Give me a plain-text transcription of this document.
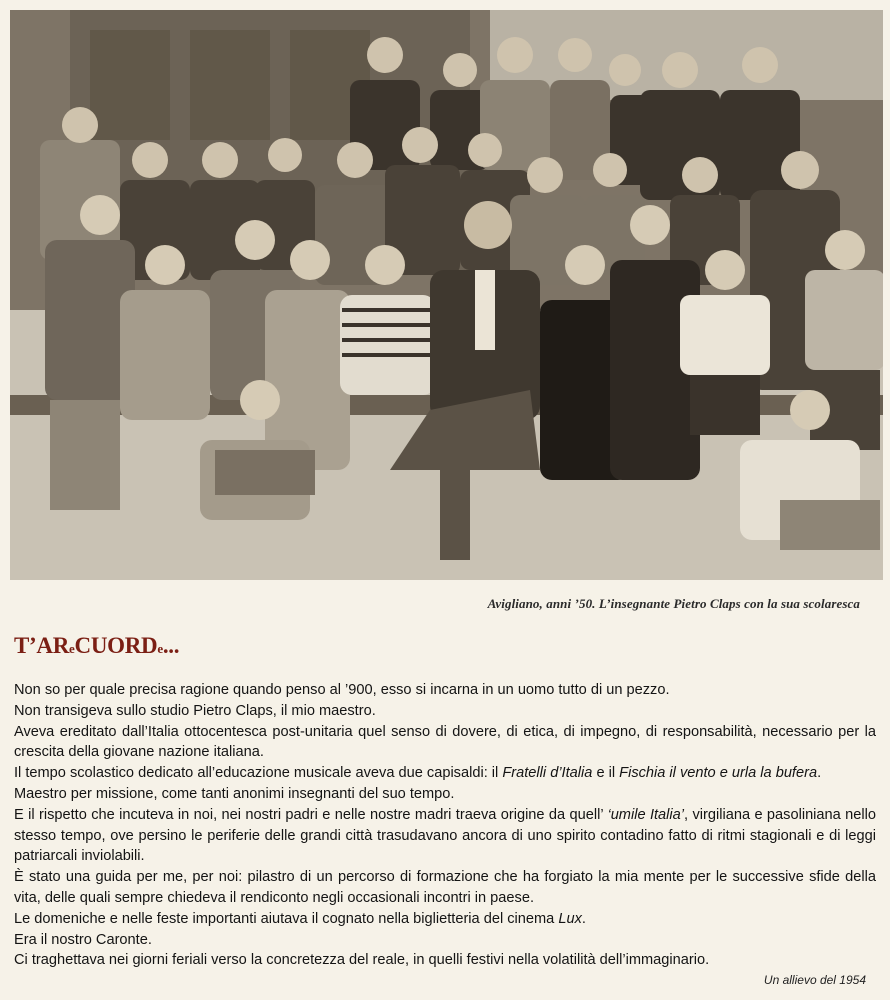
Avigliano, anni ’50. L’insegnante Pietro Claps con la sua scolaresca
T’AReCUORDe...

Non so per quale precisa ragione quando penso al ’900, esso si incarna in un uomo tutto di un pezzo.

Non transigeva sullo studio Pietro Claps, il mio maestro.

Aveva ereditato dall’Italia ottocentesca post-unitaria quel senso di dovere, di etica, di impegno, di responsabilità, necessario per la crescita della giovane nazione italiana.

Il tempo scolastico dedicato all’educazione musicale aveva due capisaldi: il Fratelli d’Italia e il Fischia il vento e urla la bufera.

Maestro per missione, come tanti anonimi insegnanti del suo tempo.

E il rispetto che incuteva in noi, nei nostri padri e nelle nostre madri traeva origine da quell’ ‘umile Italia’, virgiliana e pasoliniana nello stesso tempo, ove persino le periferie delle grandi città trasudavano ancora di uno spirito contadino fatto di ritmi stagionali e di leggi patriarcali inviolabili.

È stato una guida per me, per noi: pilastro di un percorso di formazione che ha forgiato la mia mente per le successive sfide della vita, delle quali sempre chiedeva il rendiconto negli occasionali incontri in paese.

Le domeniche e nelle feste importanti aiutava il cognato nella biglietteria del cinema Lux.

Era il nostro Caronte.

Ci traghettava nei giorni feriali verso la concretezza del reale, in quelli festivi nella volatilità dell’immaginario.

Un allievo del 1954
